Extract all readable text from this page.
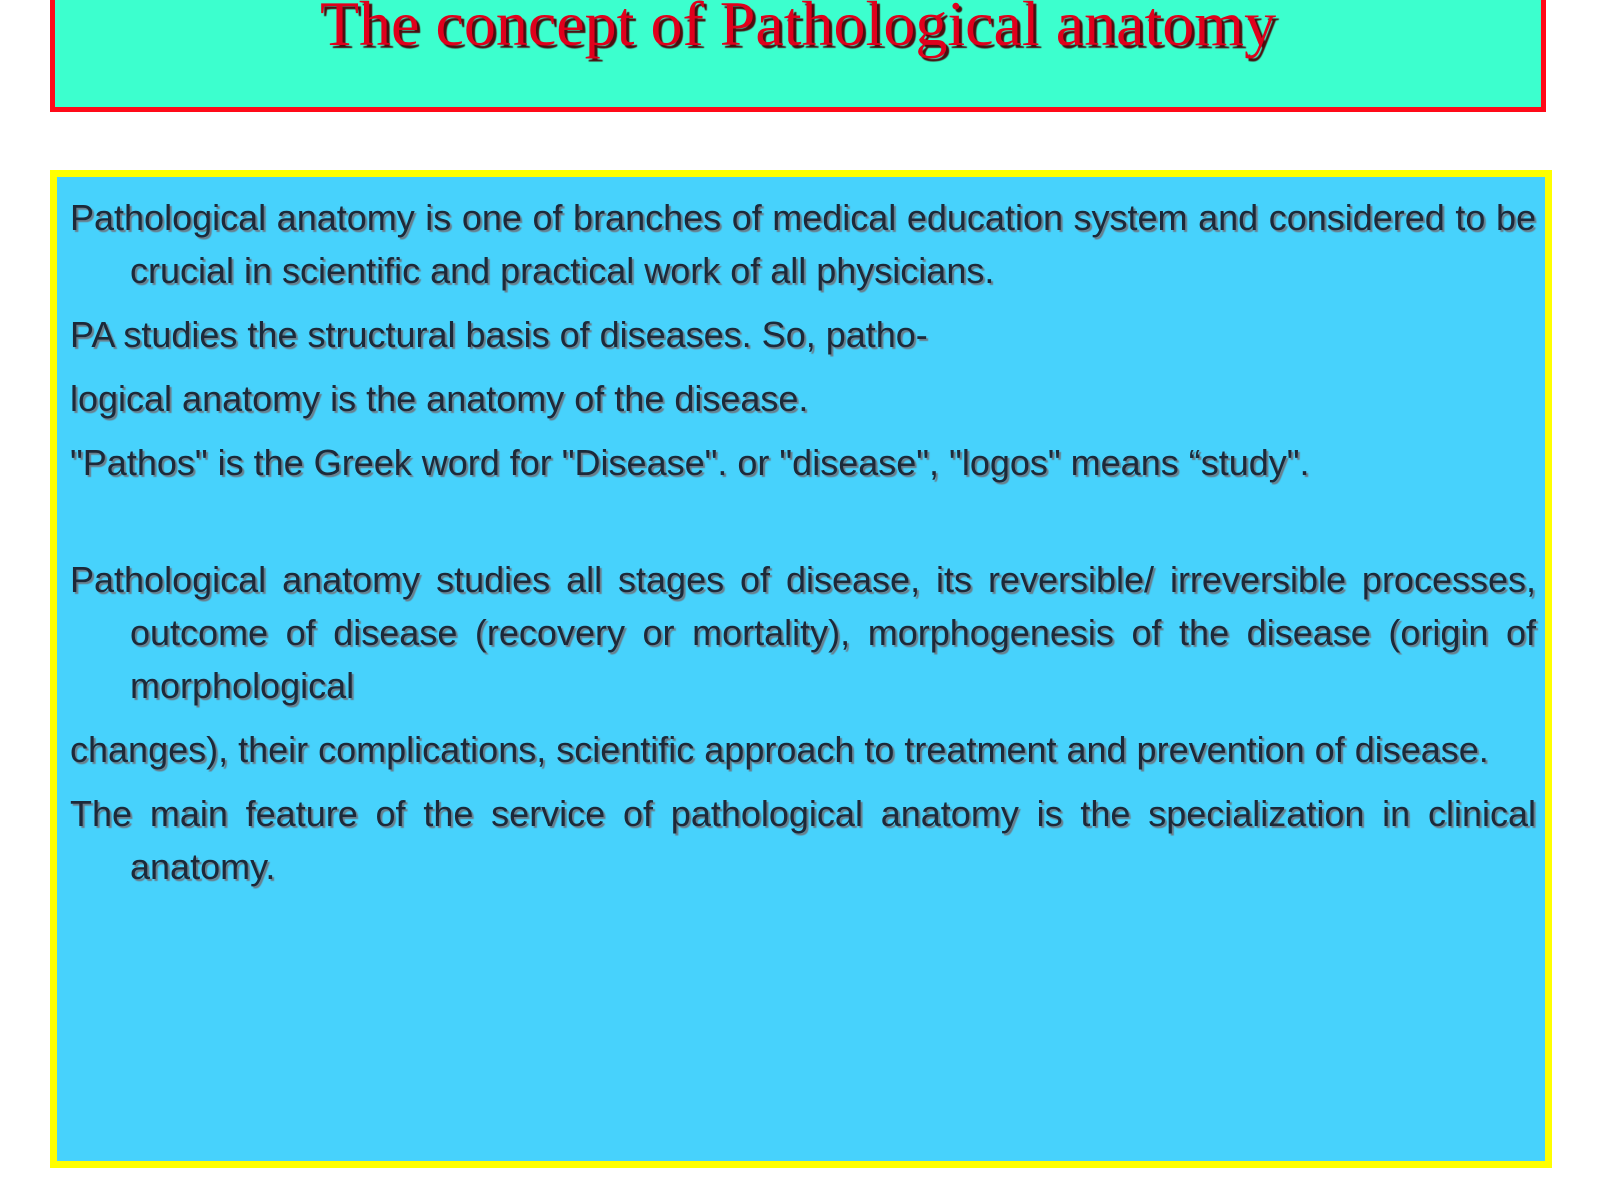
The concept of Pathological anatomy

Pathological anatomy is one of branches of medical education system and considered to be crucial in scientific and practical work of all physicians.

PA studies the structural basis of diseases. So, patho-

logical anatomy is the anatomy of the disease.

"Pathos" is the Greek word for "Disease". or "disease", "logos" means “study".

Pathological anatomy studies all stages of disease, its reversible/ irreversible processes, outcome of disease (recovery or mortality), morphogenesis of the disease (origin of morphological

changes), their complications, scientific approach to treatment and prevention of disease.

The main feature of the service of pathological anatomy is the specialization in clinical anatomy.
